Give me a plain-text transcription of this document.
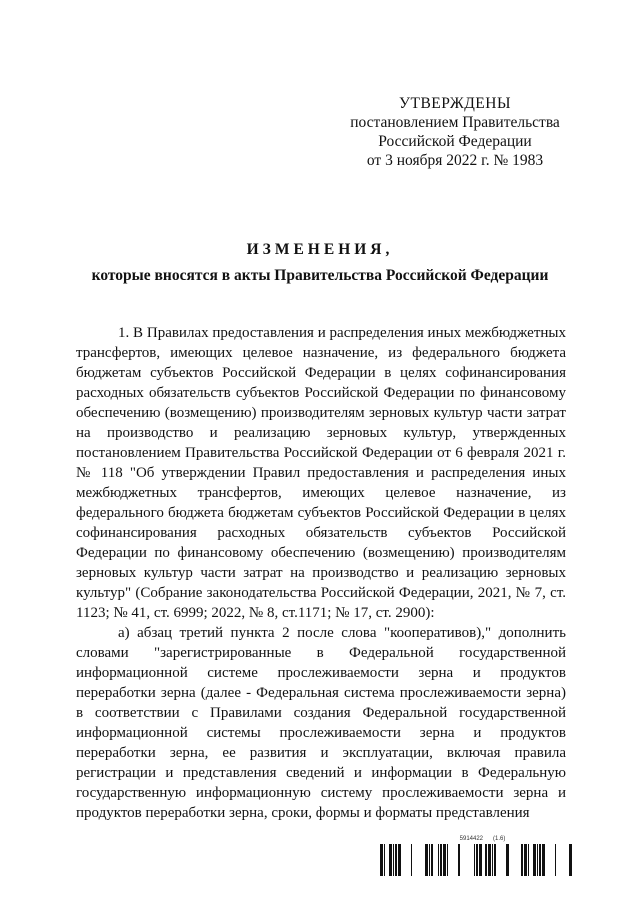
УТВЕРЖДЕНЫ
постановлением Правительства
Российской Федерации
от 3 ноября 2022 г. № 1983
ИЗМЕНЕНИЯ,
которые вносятся в акты Правительства Российской Федерации

1. В Правилах предоставления и распределения иных межбюджетных трансфертов, имеющих целевое назначение, из федерального бюджета бюджетам субъектов Российской Федерации в целях софинансирования расходных обязательств субъектов Российской Федерации по финансовому обеспечению (возмещению) производителям зерновых культур части затрат на производство и реализацию зерновых культур, утвержденных постановлением Правительства Российской Федерации от 6 февраля 2021 г. № 118 "Об утверждении Правил предоставления и распределения иных межбюджетных трансфертов, имеющих целевое назначение, из федерального бюджета бюджетам субъектов Российской Федерации в целях софинансирования расходных обязательств субъектов Российской Федерации по финансовому обеспечению (возмещению) производителям зерновых культур части затрат на производство и реализацию зерновых культур" (Собрание законодательства Российской Федерации, 2021, № 7, ст. 1123; № 41, ст. 6999; 2022, № 8, ст.1171; № 17, ст. 2900):

а) абзац третий пункта 2 после слова "кооперативов)," дополнить словами "зарегистрированные в Федеральной государственной информационной системе прослеживаемости зерна и продуктов переработки зерна (далее - Федеральная система прослеживаемости зерна) в соответствии с Правилами создания Федеральной государственной информационной системы прослеживаемости зерна и продуктов переработки зерна, ее развития и эксплуатации, включая правила регистрации и представления сведений и информации в Федеральную государственную информационную систему прослеживаемости зерна и продуктов переработки зерна, сроки, формы и форматы представления

5914422 (1.6)
